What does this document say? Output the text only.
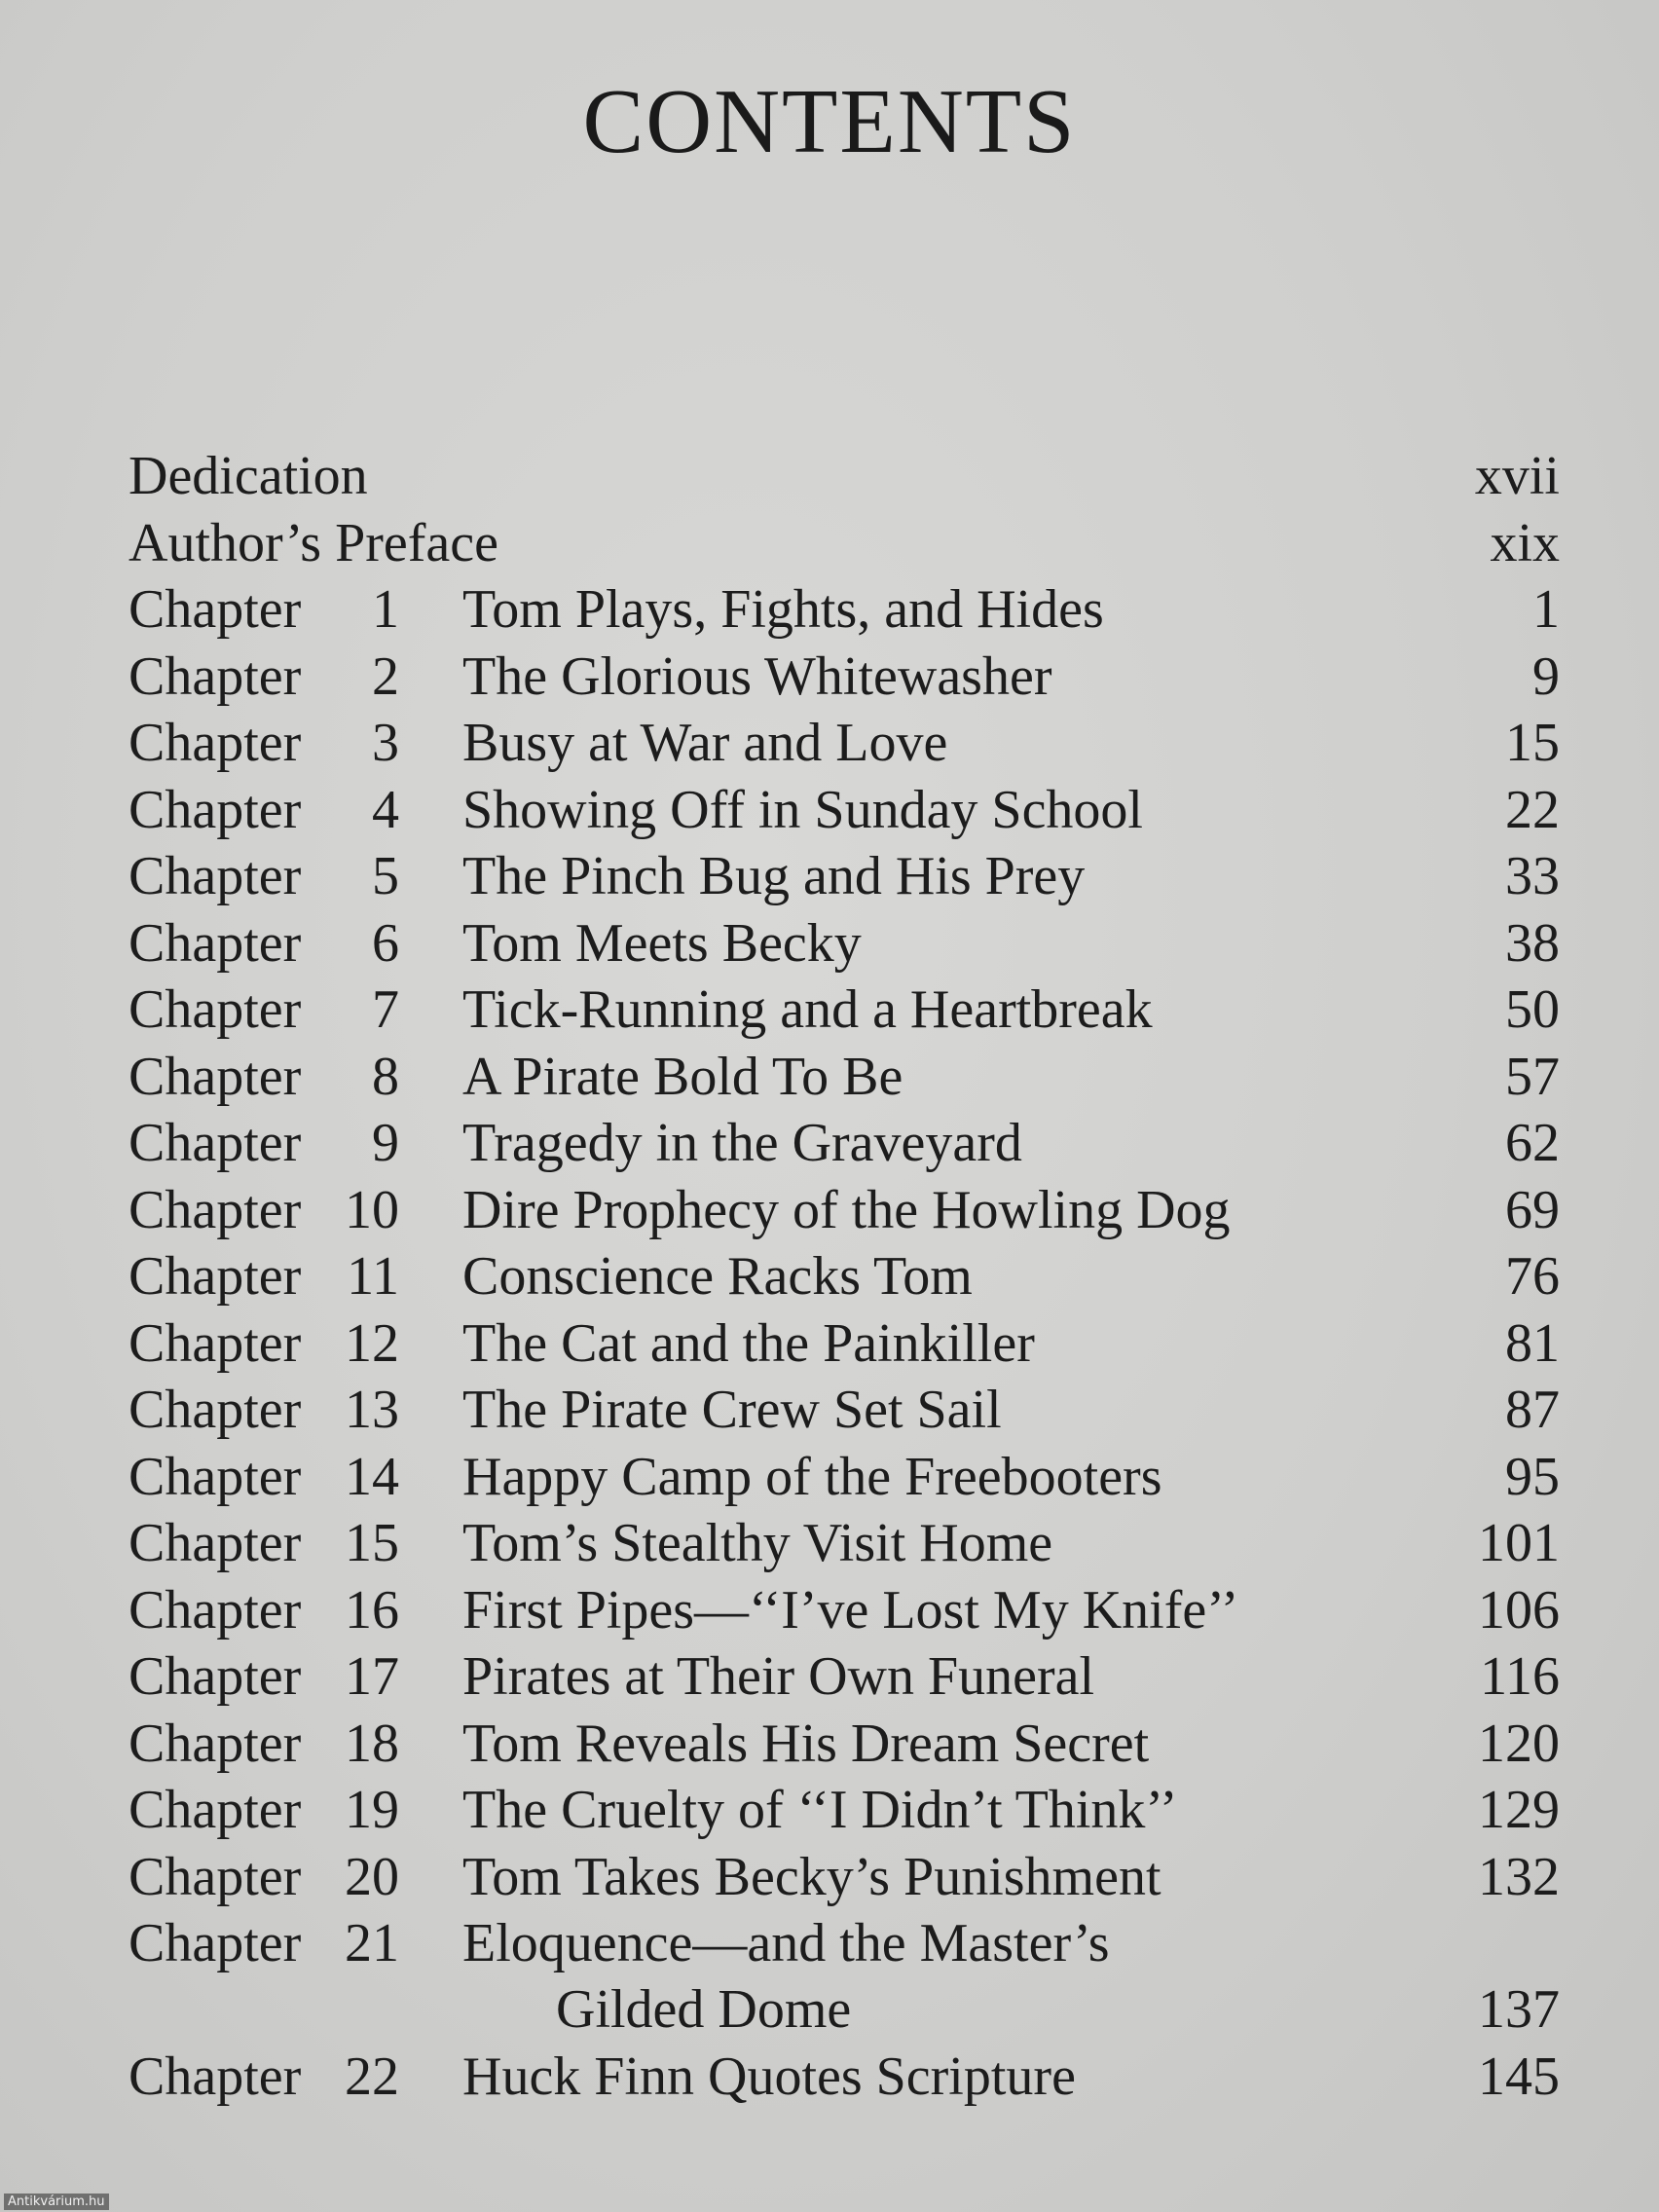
CONTENTS
Dedication	xvii
Author’s Preface	xix
Chapter	1 Tom Plays, Fights, and Hides	1
Chapter	2 The Glorious Whitewasher	9
Chapter	3 Busy at War and Love	15
Chapter	4 Showing Off in Sunday School	22
Chapter	5 The Pinch Bug and His Prey	33
Chapter	6 Tom Meets Becky	38
Chapter	7 Tick-Running and a Heartbreak	50
Chapter	8 A Pirate Bold To Be	57
Chapter	9 Tragedy in the Graveyard	62
Chapter 10 Dire Prophecy of the Howling Dog	69
Chapter 11 Conscience Racks Tom	76
Chapter 12 The Cat and the Painkiller	81
Chapter 13 The Pirate Crew Set Sail	87
Chapter 14 Happy Camp of the Freebooters	95
Chapter 15 Tom’s Stealthy Visit Home	101
Chapter 16 First Pipes—‘‘I’ve Lost My Knife’’	106
Chapter 17 Pirates at Their Own Funeral	116
Chapter 18 Tom Reveals His Dream Secret	120
Chapter 19 The Cruelty of ‘‘I Didn’t Think’’	129
Chapter 20 Tom Takes Becky’s Punishment	132
Chapter 21 Eloquence—and the Master’s
Gilded Dome	137
Chapter 22 Huck Finn Quotes Scripture	145
Antikvárium.hu
